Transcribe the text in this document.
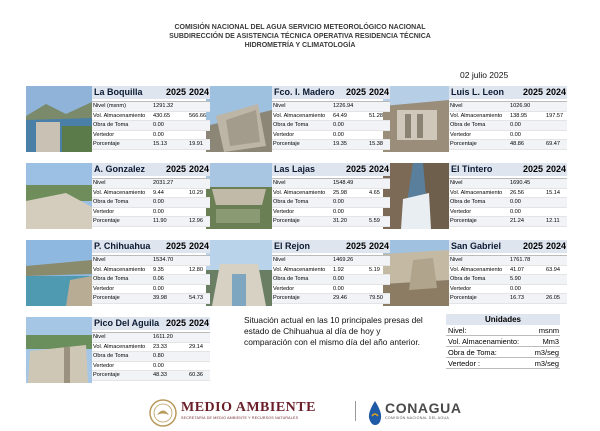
COMISIÓN NACIONAL DEL AGUA SERVICIO METEOROLÓGICO NACIONAL
SUBDIRECCIÓN DE ASISTENCIA TÉCNICA OPERATIVA RESIDENCIA TÉCNICA
HIDROMETRÍA Y CLIMATOLOGÍA
02 julio 2025
La Boquilla	2025 2024
Nivel (msnm)	1291.32
Vol. Almacenamiento 430.65	566.66
Obra de Toma	0.00
Vertedor	0.00
Porcentaje	15.13	19.91
Fco. I. Madero 2025 2024
Nivel	1226.94
Vol. Almacenamiento 64.49	51.28
Obra de Toma	0.00
Vertedor	0.00
Porcentaje	19.35	15.38
Luis L. Leon 2025 2024
Nivel	1026.90
Vol. Almacenamiento 138.95	197.57
Obra de Toma	0.00
Vertedor	0.00
Porcentaje	48.86	69.47
A. Gonzalez 2025 2024
Nivel	2031.27
Vol. Almacenamiento 9.44	10.29
Obra de Toma	0.00
Vertedor	0.00
Porcentaje	11.90	12.96
Las Lajas	2025 2024
Nivel	1548.49
Vol. Almacenamiento 25.98	4.65
Obra de Toma	0.00
Vertedor	0.00
Porcentaje	31.20	5.59
El Tintero	2025 2024
Nivel	1690.45
Vol. Almacenamiento 26.56	15.14
Obra de Toma	0.00
Vertedor	0.00
Porcentaje	21.24	12.11
P. Chihuahua 2025 2024
Nivel	1534.70
Vol. Almacenamiento 9.35	12.80
Obra de Toma	0.06
Vertedor	0.00
Porcentaje	39.98	54.73
El Rejon	2025 2024
Nivel	1469.26
Vol. Almacenamiento 1.92	5.19
Obra de Toma	0.00
Vertedor	0.00
Porcentaje	29.46	79.50
San Gabriel 2025 2024
Nivel	1761.78
Vol. Almacenamiento 41.07	63.94
Obra de Toma	5.90
Vertedor	0.00
Porcentaje	16.73	26.05
Pico Del Aguila 2025 2024
Nivel	1611.20
Vol. Almacenamiento 23.33	29.14
Obra de Toma	0.80
Vertedor	0.00
Porcentaje	48.33	60.36
Situación actual en las 10 principales presas del estado de Chihuahua al día de hoy y comparación con el mismo día del año anterior.
Unidades
Nivel:	msnm
Vol. Almacenamiento:	Mm3
Obra de Toma:	m3/seg
Vertedor :	m3/seg
MEDIO AMBIENTE
SECRETARÍA DE MEDIO AMBIENTE Y RECURSOS NATURALES
CONAGUA
COMISIÓN NACIONAL DEL AGUA
